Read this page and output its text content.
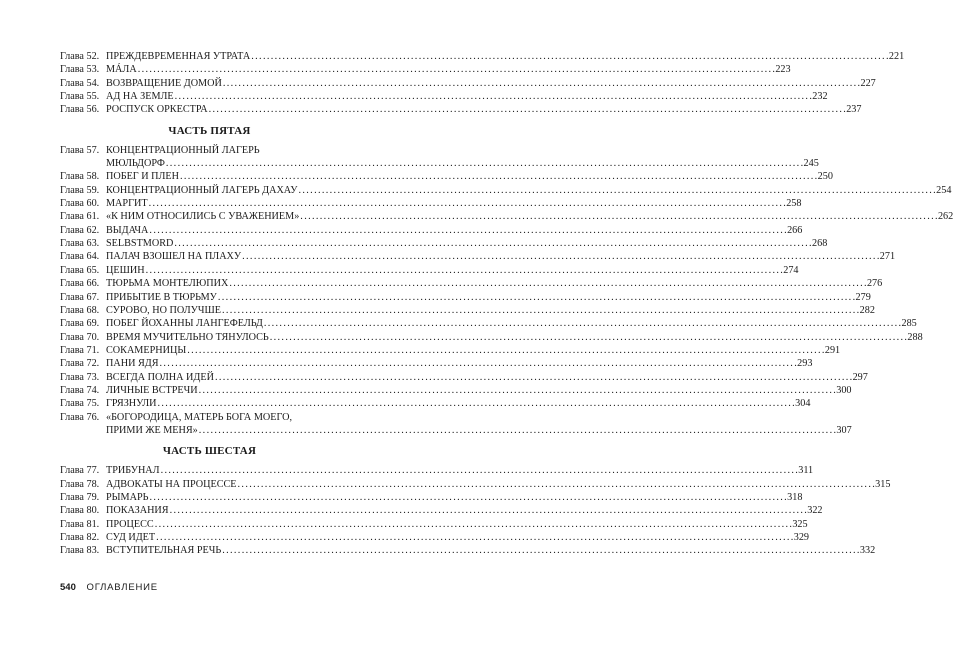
Глава 52. ПРЕЖДЕВРЕМЕННАЯ УТРАТА . . .	221
Глава 53. МÁЛА . . .	223
Глава 54. ВОЗВРАЩЕНИЕ ДОМОЙ . . .	227
Глава 55. АД НА ЗЕМЛЕ . . .	232
Глава 56. РОСПУСК ОРКЕСТРА . . .	237
ЧАСТЬ ПЯТАЯ
Глава 57. КОНЦЕНТРАЦИОННЫЙ ЛАГЕРЬ
МЮЛЬДОРФ . . .	245
Глава 58. ПОБЕГ И ПЛЕН . . .	250
Глава 59. КОНЦЕНТРАЦИОННЫЙ ЛАГЕРЬ ДАХАУ . . .	254
Глава 60. МАРГИТ . . .	258
Глава 61. «К НИМ ОТНОСИЛИСЬ С УВАЖЕНИЕМ» . . .	262
Глава 62. ВЫДАЧА . . .	266
Глава 63. SELBSTMORD . . .	268
Глава 64. ПАЛАЧ ВЗОШЕЛ НА ПЛАХУ . . .	271
Глава 65. ЦЕШИН . . .	274
Глава 66. ТЮРЬМА МОНТЕЛЮПИХ . . .	276
Глава 67. ПРИБЫТИЕ В ТЮРЬМУ . . .	279
Глава 68. СУРОВО, НО ПОЛУЧШЕ . . .	282
Глава 69. ПОБЕГ ЙОХАННЫ ЛАНГЕФЕЛЬД . . .	285
Глава 70. ВРЕМЯ МУЧИТЕЛЬНО ТЯНУЛОСЬ . . .	288
Глава 71. СОКАМЕРНИЦЫ . . .	291
Глава 72. ПАНИ ЯДЯ . . .	293
Глава 73. ВСЕГДА ПОЛНА ИДЕЙ . . .	297
Глава 74. ЛИЧНЫЕ ВСТРЕЧИ . . .	300
Глава 75. ГРЯЗНУЛИ . . .	304
Глава 76. «БОГОРОДИЦА, МАТЕРЬ БОГА МОЕГО,
ПРИМИ ЖЕ МЕНЯ» . . .	307
ЧАСТЬ ШЕСТАЯ
Глава 77. ТРИБУНАЛ . . .	311
Глава 78. АДВОКАТЫ НА ПРОЦЕССЕ . . .	315
Глава 79. РЫМАРЬ . . .	318
Глава 80. ПОКАЗАНИЯ . . .	322
Глава 81. ПРОЦЕСС . . .	325
Глава 82. СУД ИДЕТ . . .	329
Глава 83. ВСТУПИТЕЛЬНАЯ РЕЧЬ . . .	332
540 ОГЛАВЛЕНИЕ
